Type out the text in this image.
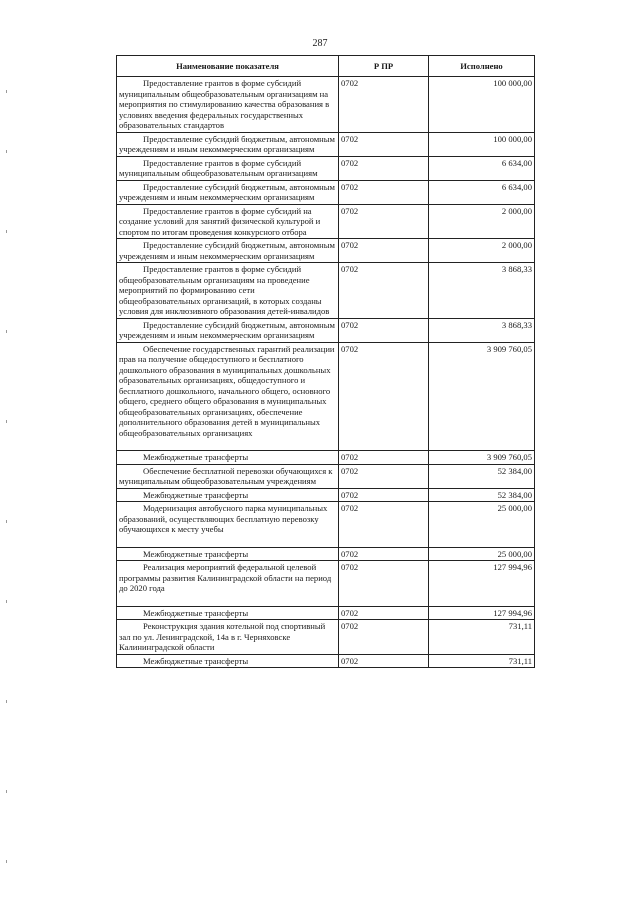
287
Наименование показателя	Р ПР	Исполнено
Предоставление грантов в форме субсидий муниципальным общеобразовательным организациям на мероприятия по стимулированию качества образования в условиях введения федеральных государственных образовательных стандартов	0702	100 000,00
Предоставление субсидий бюджетным, автономным учреждениям и иным некоммерческим организациям	0702	100 000,00
Предоставление грантов в форме субсидий муниципальным общеобразовательным организациям	0702	6 634,00
Предоставление субсидий бюджетным, автономным учреждениям и иным некоммерческим организациям	0702	6 634,00
Предоставление грантов в форме субсидий на создание условий для занятий физической культурой и спортом по итогам проведения конкурсного отбора	0702	2 000,00
Предоставление субсидий бюджетным, автономным учреждениям и иным некоммерческим организациям	0702	2 000,00
Предоставление грантов в форме субсидий общеобразовательным организациям на проведение мероприятий по формированию сети общеобразовательных организаций, в которых созданы условия для инклюзивного образования детей-инвалидов	0702	3 868,33
Предоставление субсидий бюджетным, автономным учреждениям и иным некоммерческим организациям	0702	3 868,33
Обеспечение государственных гарантий реализации прав на получение общедоступного и бесплатного дошкольного образования в муниципальных дошкольных образовательных организациях, общедоступного и бесплатного дошкольного, начального общего, основного общего, среднего общего образования в муниципальных общеобразовательных организациях, обеспечение дополнительного образования детей в муниципальных общеобразовательных организациях	0702	3 909 760,05
Межбюджетные трансферты	0702	3 909 760,05
Обеспечение бесплатной перевозки обучающихся к муниципальным общеобразовательным учреждениям	0702	52 384,00
Межбюджетные трансферты	0702	52 384,00
Модернизация автобусного парка муниципальных образований, осуществляющих бесплатную перевозку обучающихся к месту учебы	0702	25 000,00
Межбюджетные трансферты	0702	25 000,00
Реализация мероприятий федеральной целевой программы развития Калининградской области на период до 2020 года	0702	127 994,96
Межбюджетные трансферты	0702	127 994,96
Реконструкция здания котельной под спортивный зал по ул. Ленинградской, 14а в г. Черняховске Калининградской области	0702	731,11
Межбюджетные трансферты	0702	731,11
